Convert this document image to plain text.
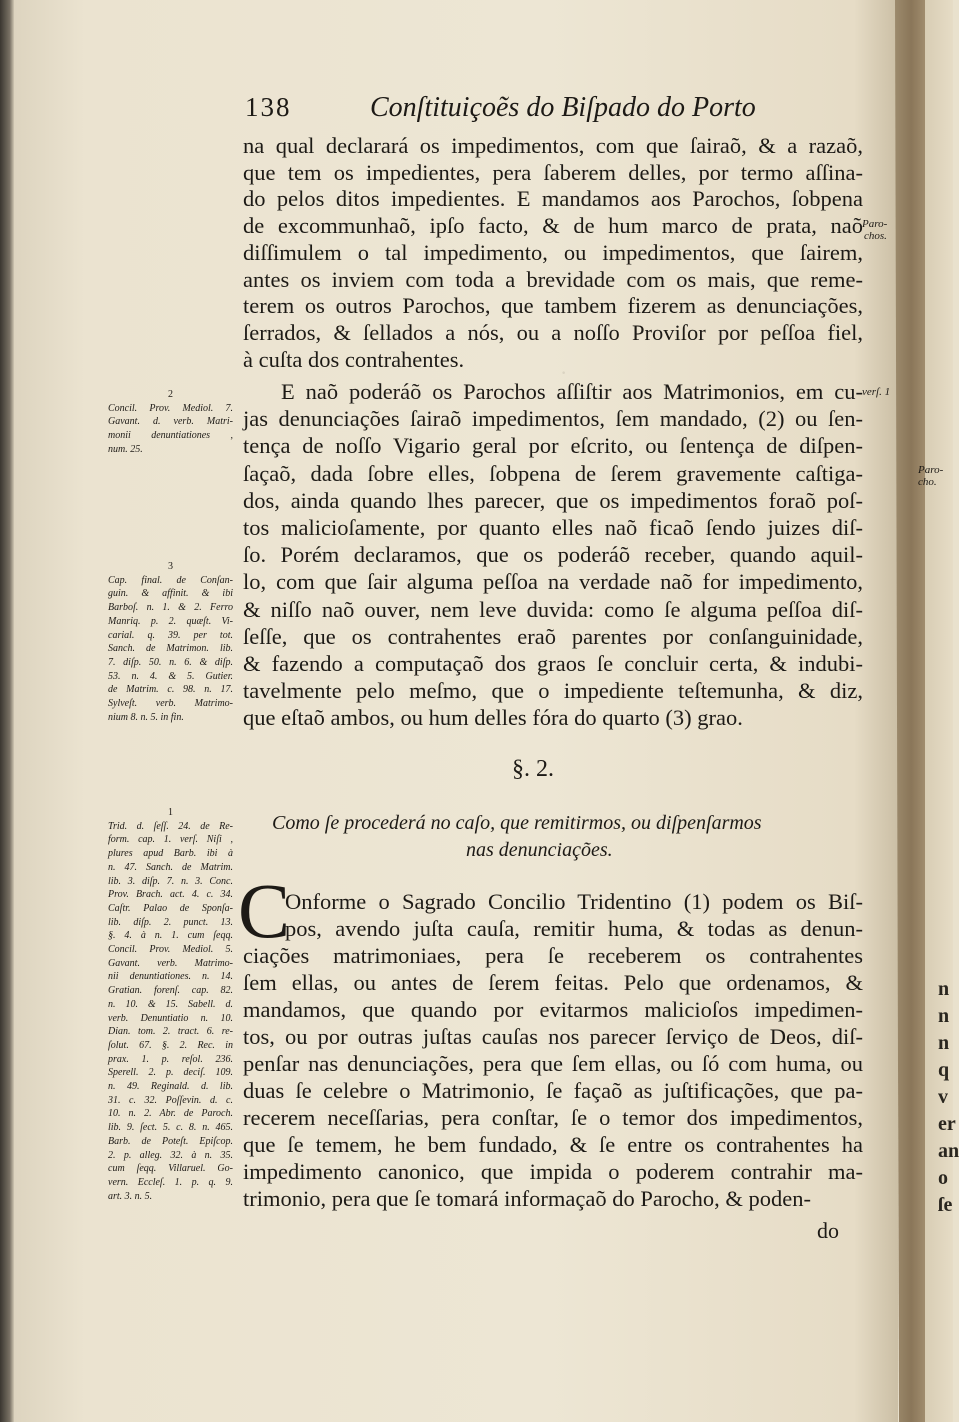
·
138	Conſtituiçoẽs do Biſpado do Porto
na qual declarará os impedimentos, com que ſairaõ, & a razaõ,
que tem os impedientes, pera ſaberem delles, por termo aſſina-
do pelos ditos impedientes. E mandamos aos Parochos, ſobpena
de excommunhaõ, ipſo facto, & de hum marco de prata, naõ
diſſimulem o tal impedimento, ou impedimentos, que ſairem,
antes os inviem com toda a brevidade com os mais, que reme-
terem os outros Parochos, que tambem fizerem as denunciações,
ſerrados, & ſellados a nós, ou a noſſo Proviſor por peſſoa fiel,
à cuſta dos contrahentes.
E naõ poderáõ os Parochos aſſiſtir aos Matrimonios, em cu-
jas denunciações ſairaõ impedimentos, ſem mandado, (2) ou ſen-
tença de noſſo Vigario geral por eſcrito, ou ſentença de diſpen-
ſaçaõ, dada ſobre elles, ſobpena de ſerem gravemente caſtiga-
dos, ainda quando lhes parecer, que os impedimentos foraõ poſ-
tos malicioſamente, por quanto elles naõ ficaõ ſendo juizes diſ-
ſo. Porém declaramos, que os poderáõ receber, quando aquil-
lo, com que ſair alguma peſſoa na verdade naõ for impedimento,
& niſſo naõ ouver, nem leve duvida: como ſe alguma peſſoa diſ-
ſeſſe, que os contrahentes eraõ parentes por conſanguinidade,
& fazendo a computaçaõ dos graos ſe concluir certa, & indubi-
tavelmente pelo meſmo, que o impediente teſtemunha, & diz,
que eſtaõ ambos, ou hum delles fóra do quarto (3) grao.
Onforme o Sagrado Concilio Tridentino (1) podem os Biſ-
pos, avendo juſta cauſa, remitir huma, & todas as denun-
ciações matrimoniaes, pera ſe receberem os contrahentes
ſem ellas, ou antes de ſerem feitas. Pelo que ordenamos, &
mandamos, que quando por evitarmos malicioſos impedimen-
tos, ou por outras juſtas cauſas nos parecer ſerviço de Deos, diſ-
penſar nas denunciações, pera que ſem ellas, ou ſó com huma, ou
duas ſe celebre o Matrimonio, ſe façaõ as juſtificações, que pa-
recerem neceſſarias, pera conſtar, ſe o temor dos impedimentos,
que ſe temem, he bem fundado, & ſe entre os contrahentes ha
impedimento canonico, que impida o poderem contrahir ma-
trimonio, pera que ſe tomará informaçaõ do Parocho, & poden-
§. 2.
Como ſe procederá no caſo, que remitirmos, ou diſpenſarmos
nas denunciações.
C
do
2
Concil. Prov. Mediol. 7.
Gavant. d. verb. Matri-
monii denuntiationes ,
num. 25.
3
Cap. final. de Conſan-
guin. & affinit. & ibi
Barboſ. n. 1. & 2. Ferro
Manriq. p. 2. quæſt. Vi-
carial. q. 39. per tot.
Sanch. de Matrimon. lib.
7. diſp. 50. n. 6. & diſp.
53. n. 4. & 5. Gutier.
de Matrim. c. 98. n. 17.
Sylveſt. verb. Matrimo-
nium 8. n. 5. in fin.
1
Trid. d. ſeſſ. 24. de Re-
form. cap. 1. verſ. Niſi ,
plures apud Barb. ibi à
n. 47. Sanch. de Matrim.
lib. 3. diſp. 7. n. 3. Conc.
Prov. Brach. act. 4. c. 34.
Caſtr. Palao de Sponſa-
lib. diſp. 2. punct. 13.
§. 4. à n. 1. cum ſeqq.
Concil. Prov. Mediol. 5.
Gavant. verb. Matrimo-
nii denuntiationes. n. 14.
Gratian. forenſ. cap. 82.
n. 10. & 15. Sabell. d.
verb. Denuntiatio n. 10.
Dian. tom. 2. tract. 6. re-
ſolut. 67. §. 2. Rec. in
prax. 1. p. reſol. 236.
Sperell. 2. p. deciſ. 109.
n. 49. Reginald. d. lib.
31. c. 32. Poſſevin. d. c.
10. n. 2. Abr. de Paroch.
lib. 9. ſect. 5. c. 8. n. 465.
Barb. de Poteſt. Epiſcop.
2. p. alleg. 32. à n. 35.
cum ſeqq. Villaruel. Go-
vern. Eccleſ. 1. p. q. 9.
art. 3. n. 5.
Paro-
chos.
verſ. 1
Paro-
cho.
n
n
n
q
v
er
an
o
ſe
